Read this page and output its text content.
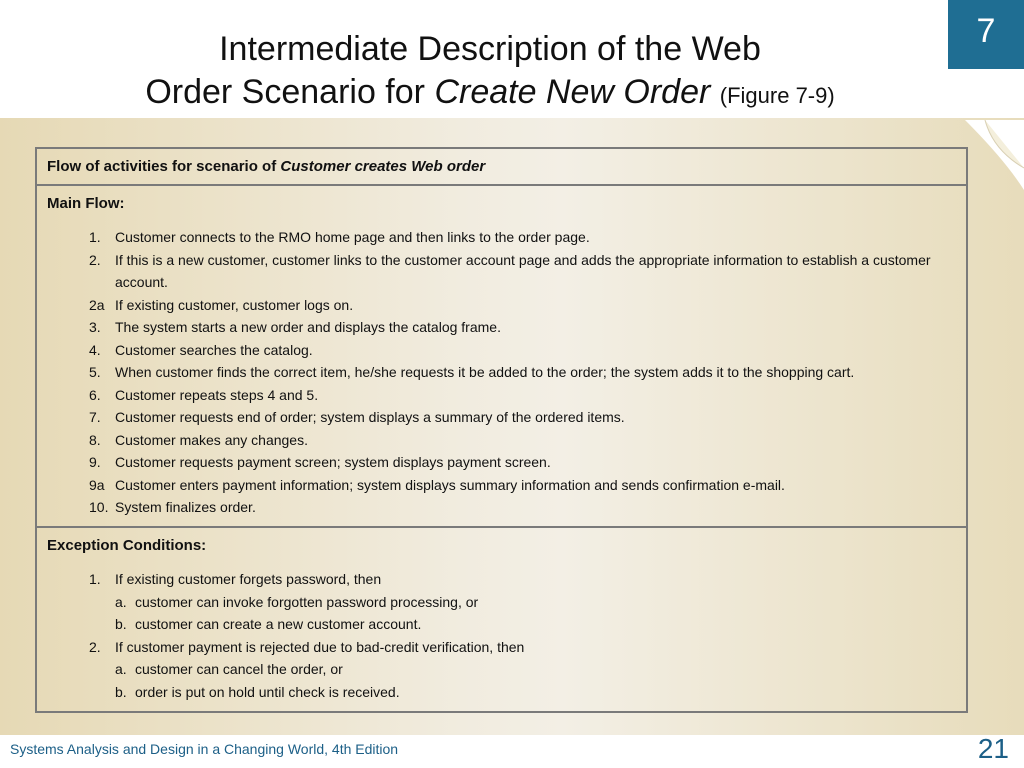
Intermediate Description of the Web
Order Scenario for Create New Order (Figure 7-9)
7
Flow of activities for scenario of Customer creates Web order
Main Flow:
1.	Customer connects to the RMO home page and then links to the order page.
2.	If this is a new customer, customer links to the customer account page and adds the appropriate information to establish a customer account.
2a If existing customer, customer logs on.
3.	The system starts a new order and displays the catalog frame.
4.	Customer searches the catalog.
5.	When customer finds the correct item, he/she requests it be added to the order; the system adds it to the shopping cart.
6.	Customer repeats steps 4 and 5.
7.	Customer requests end of order; system displays a summary of the ordered items.
8.	Customer makes any changes.
9.	Customer requests payment screen; system displays payment screen.
9a Customer enters payment information; system displays summary information and sends confirmation e-mail.
10. System finalizes order.
Exception Conditions:
1.	If existing customer forgets password, then
a. customer can invoke forgotten password processing, or
b. customer can create a new customer account.
2.	If customer payment is rejected due to bad-credit verification, then
a. customer can cancel the order, or
b. order is put on hold until check is received.
Systems Analysis and Design in a Changing World, 4th Edition	21
